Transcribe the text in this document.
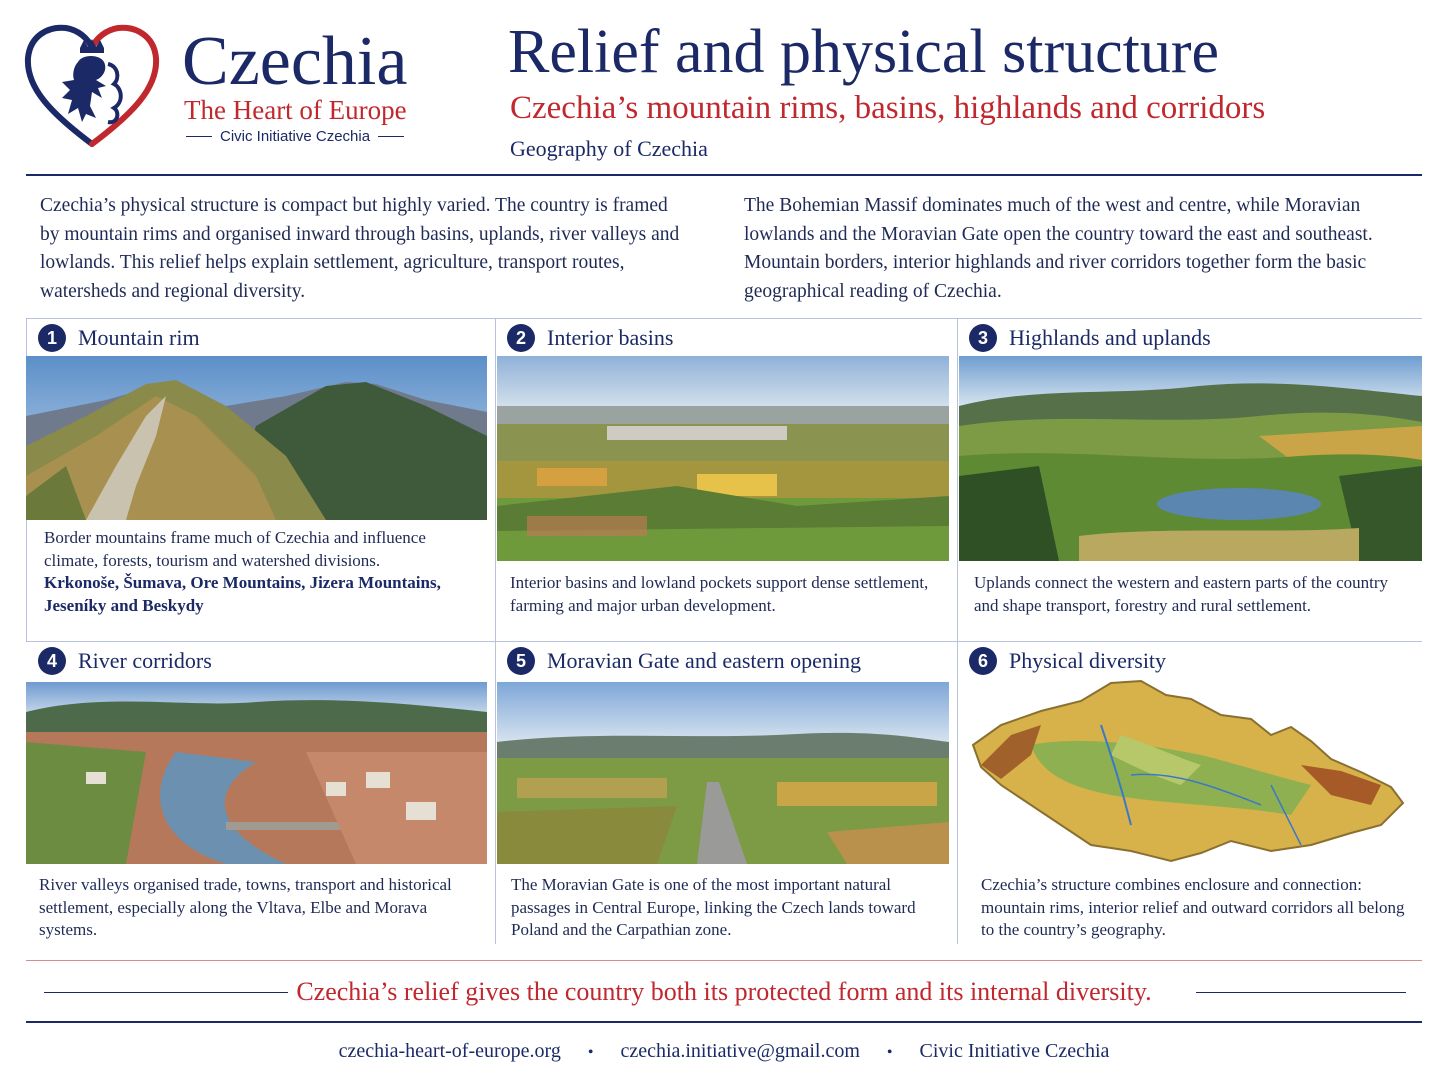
Czechia
The Heart of Europe
Civic Initiative Czechia
Relief and physical structure
Czechia’s mountain rims, basins, highlands and corridors
Geography of Czechia

Czechia’s physical structure is compact but highly varied. The country is framed by mountain rims and organised inward through basins, uplands, river valleys and lowlands. This relief helps explain settlement, agriculture, transport routes, watersheds and regional diversity.

The Bohemian Massif dominates much of the west and centre, while Moravian lowlands and the Moravian Gate open the country toward the east and southeast. Mountain borders, interior highlands and river corridors together form the basic geographical reading of Czechia.

1 Mountain rim
Border mountains frame much of Czechia and influence climate, forests, tourism and watershed divisions.
Krkonoše, Šumava, Ore Mountains, Jizera Mountains, Jeseníky and Beskydy
2 Interior basins
Interior basins and lowland pockets support dense settlement, farming and major urban development.
3 Highlands and uplands
Uplands connect the western and eastern parts of the country and shape transport, forestry and rural settlement.
4 River corridors
River valleys organised trade, towns, transport and historical settlement, especially along the Vltava, Elbe and Morava systems.
5 Moravian Gate and eastern opening
The Moravian Gate is one of the most important natural passages in Central Europe, linking the Czech lands toward Poland and the Carpathian zone.
6 Physical diversity
Czechia’s structure combines enclosure and connection: mountain rims, interior relief and outward corridors all belong to the country’s geography.
Czechia’s relief gives the country both its protected form and its internal diversity.
czechia-heart-of-europe.org • czechia.initiative@gmail.com • Civic Initiative Czechia
